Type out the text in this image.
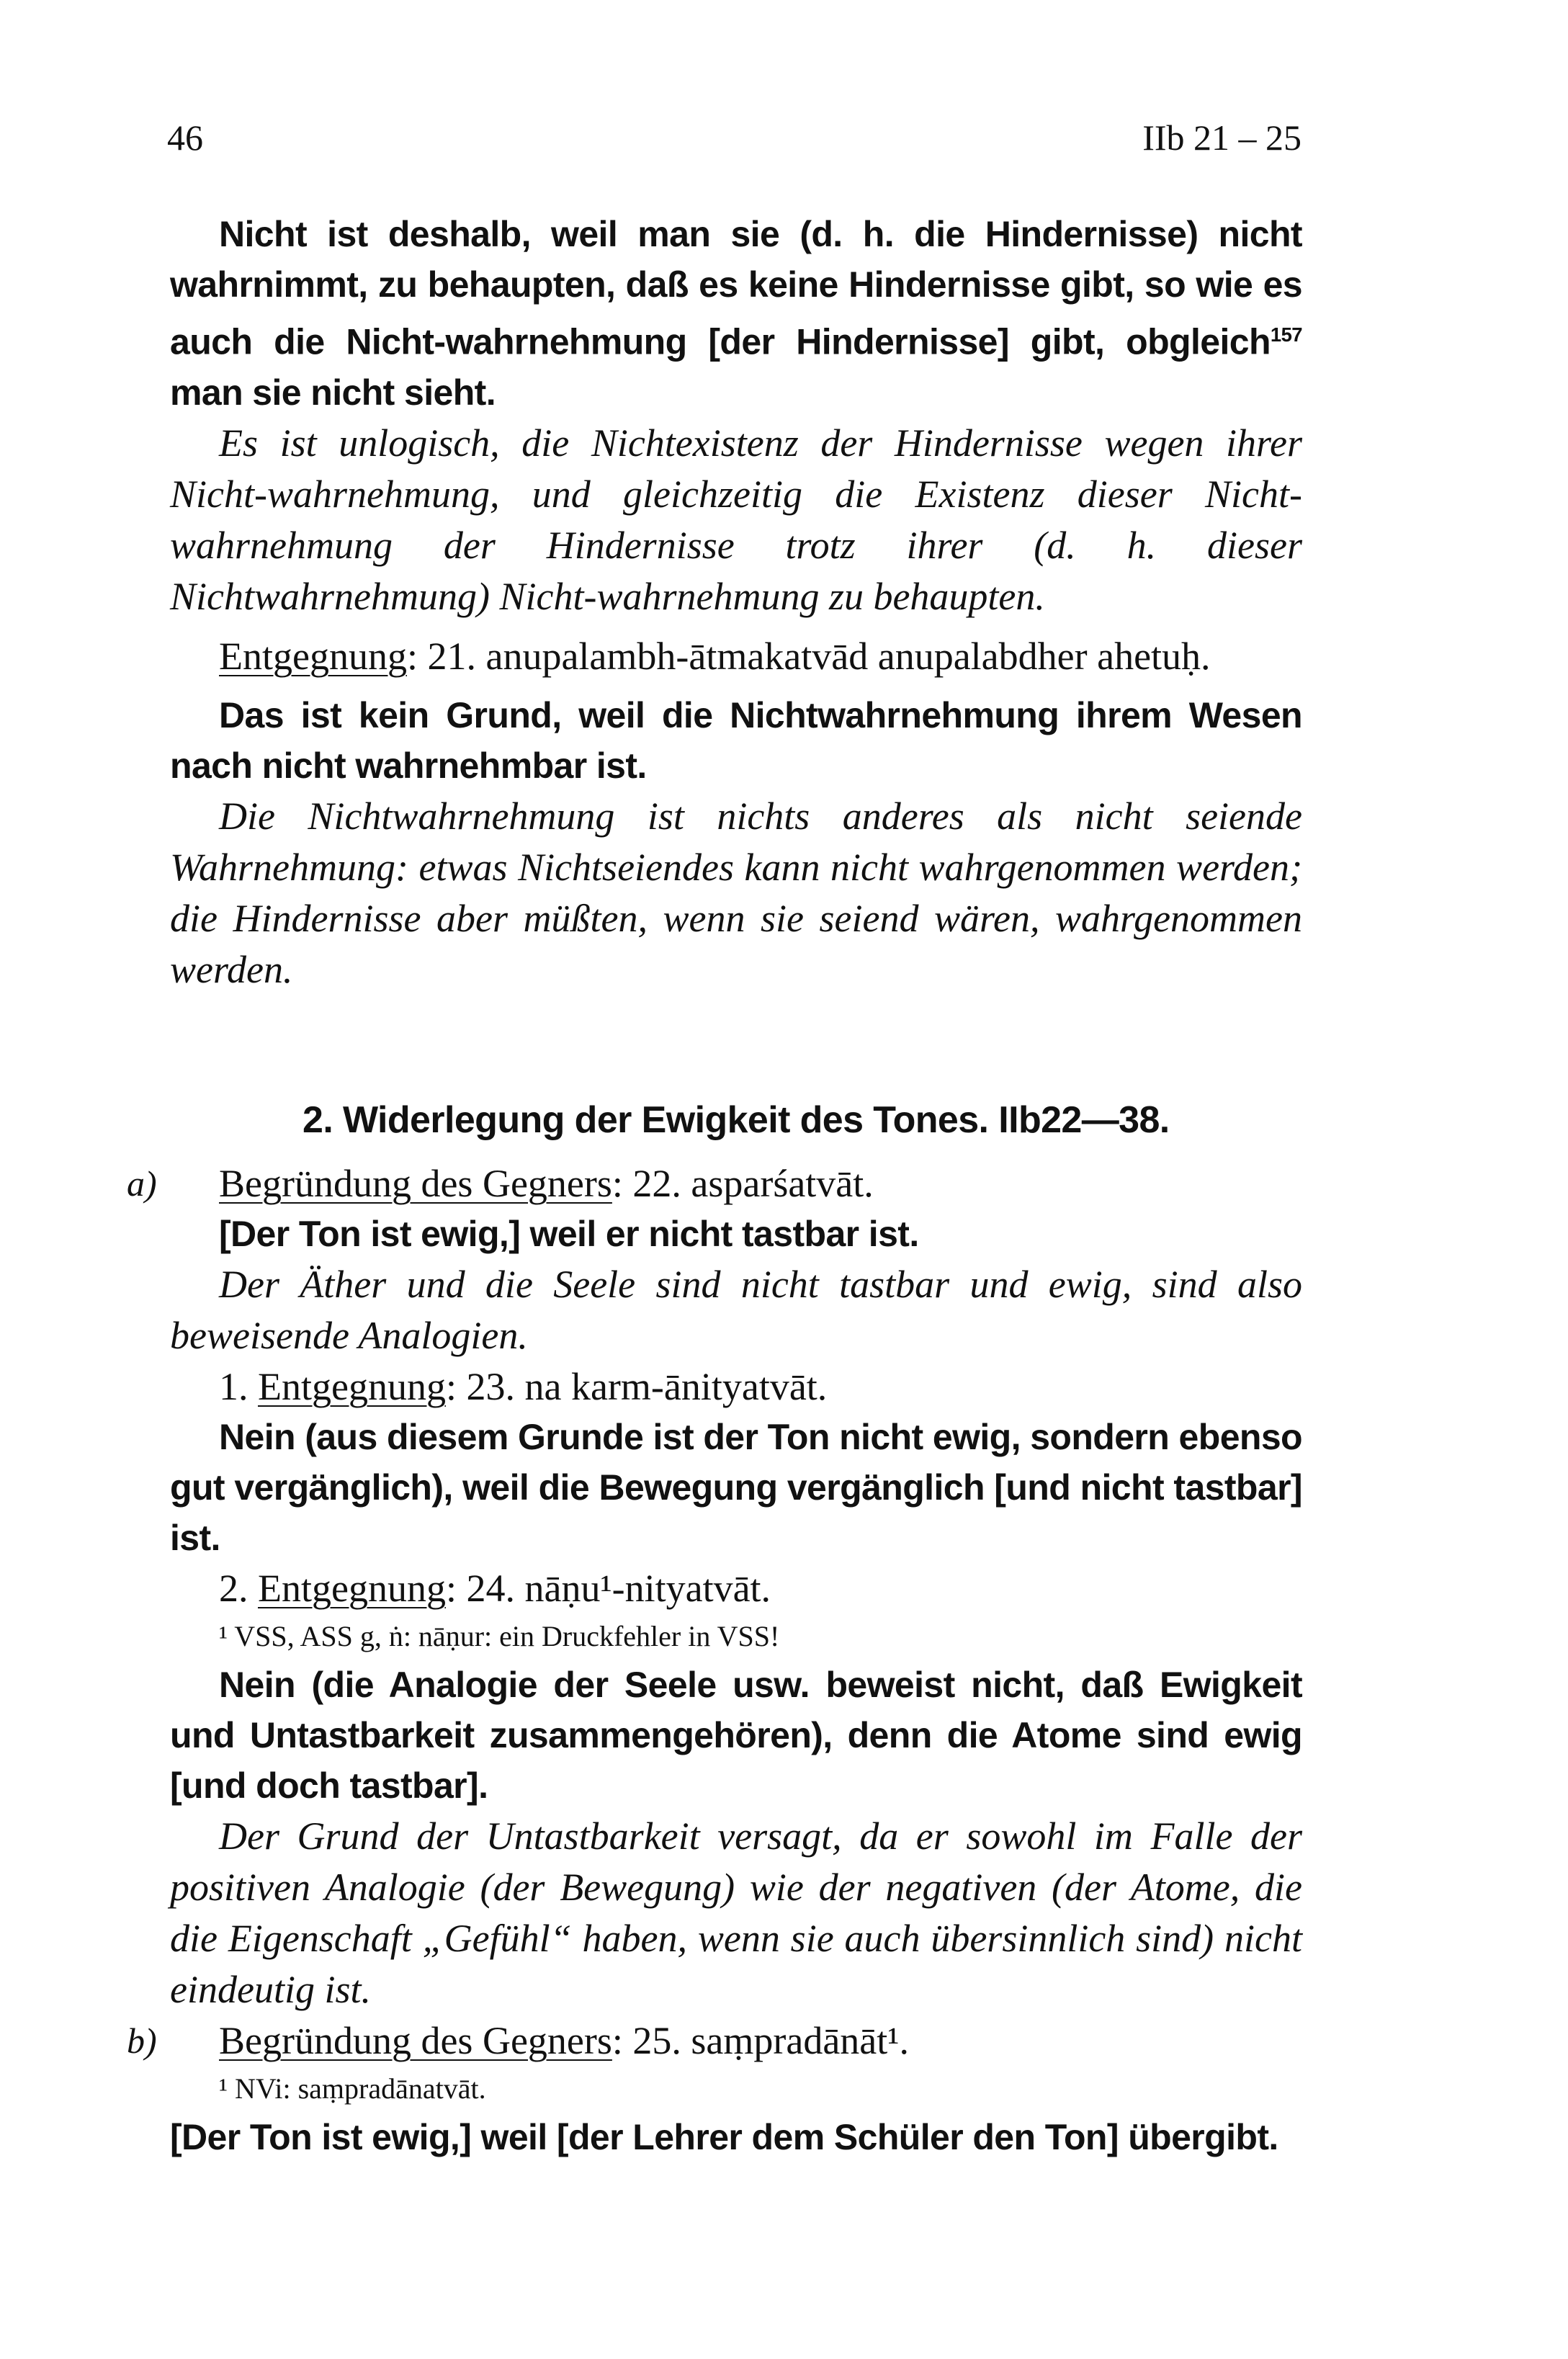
46	IIb 21 – 25

Nicht ist deshalb, weil man sie (d. h. die Hindernisse) nicht wahrnimmt, zu behaupten, daß es keine Hindernisse gibt, so wie es auch die Nicht-wahrnehmung [der Hindernisse] gibt, obgleich$^{157}$ man sie nicht sieht.

Es ist unlogisch, die Nichtexistenz der Hindernisse wegen ihrer Nicht-wahrnehmung, und gleichzeitig die Existenz dieser Nicht-wahrnehmung der Hindernisse trotz ihrer (d. h. dieser Nichtwahrnehmung) Nicht-wahrnehmung zu behaupten.

Entgegnung: 21. anupalambh-ātmakatvād anupalabdher ahetuḥ.

Das ist kein Grund, weil die Nichtwahrnehmung ihrem Wesen nach nicht wahrnehmbar ist.

Die Nichtwahrnehmung ist nichts anderes als nicht seiende Wahrnehmung: etwas Nichtseiendes kann nicht wahrgenommen werden; die Hindernisse aber müßten, wenn sie seiend wären, wahrgenommen werden.

2. Widerlegung der Ewigkeit des Tones. IIb22—38.

a) Begründung des Gegners: 22. asparśatvāt.

[Der Ton ist ewig,] weil er nicht tastbar ist.

Der Äther und die Seele sind nicht tastbar und ewig, sind also beweisende Analogien.

1. Entgegnung: 23. na karm-ānityatvāt.

Nein (aus diesem Grunde ist der Ton nicht ewig, sondern ebenso gut vergänglich), weil die Bewegung vergänglich [und nicht tastbar] ist.

2. Entgegnung: 24. nāṇu¹-nityatvāt.

¹ VSS, ASS g, ṅ: nāṇur: ein Druckfehler in VSS!

Nein (die Analogie der Seele usw. beweist nicht, daß Ewigkeit und Untastbarkeit zusammengehören), denn die Atome sind ewig [und doch tastbar].

Der Grund der Untastbarkeit versagt, da er sowohl im Falle der positiven Analogie (der Bewegung) wie der negativen (der Atome, die die Eigenschaft „Gefühl“ haben, wenn sie auch übersinnlich sind) nicht eindeutig ist.

b) Begründung des Gegners: 25. saṃpradānāt¹.

¹ NVi: saṃpradānatvāt.

[Der Ton ist ewig,] weil [der Lehrer dem Schüler den Ton] übergibt.
